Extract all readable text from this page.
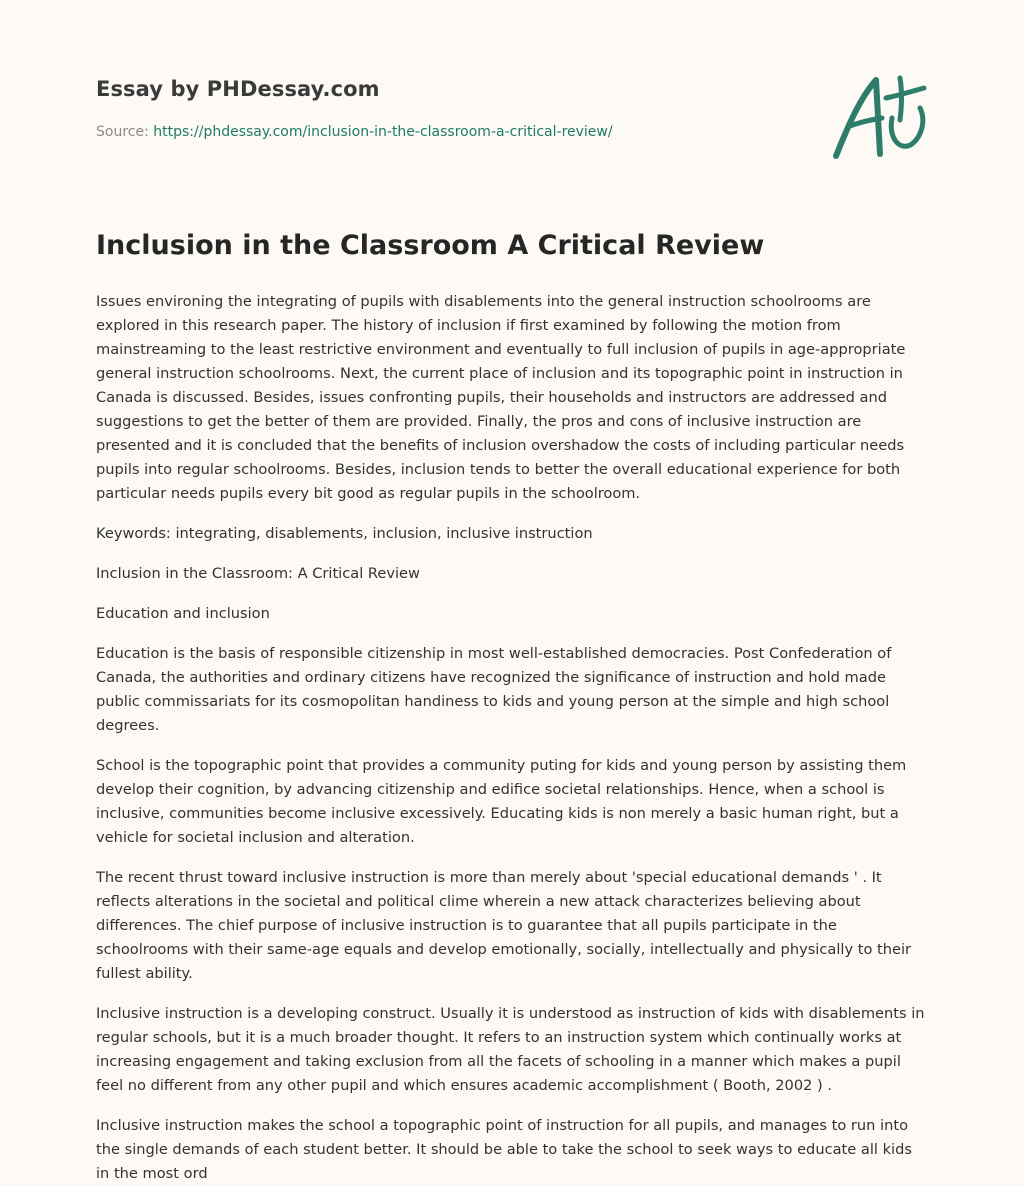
Essay by PHDessay.com
Source: https://phdessay.com/inclusion-in-the-classroom-a-critical-review/
Inclusion in the Classroom A Critical Review

Issues environing the integrating of pupils with disablements into the general instruction schoolrooms are explored in this research paper. The history of inclusion if first examined by following the motion from mainstreaming to the least restrictive environment and eventually to full inclusion of pupils in age-appropriate general instruction schoolrooms. Next, the current place of inclusion and its topographic point in instruction in Canada is discussed. Besides, issues confronting pupils, their households and instructors are addressed and suggestions to get the better of them are provided. Finally, the pros and cons of inclusive instruction are presented and it is concluded that the benefits of inclusion overshadow the costs of including particular needs pupils into regular schoolrooms. Besides, inclusion tends to better the overall educational experience for both particular needs pupils every bit good as regular pupils in the schoolroom.

Keywords: integrating, disablements, inclusion, inclusive instruction

Inclusion in the Classroom: A Critical Review

Education and inclusion

Education is the basis of responsible citizenship in most well-established democracies. Post Confederation of Canada, the authorities and ordinary citizens have recognized the significance of instruction and hold made public commissariats for its cosmopolitan handiness to kids and young person at the simple and high school degrees.

School is the topographic point that provides a community puting for kids and young person by assisting them develop their cognition, by advancing citizenship and edifice societal relationships. Hence, when a school is inclusive, communities become inclusive excessively. Educating kids is non merely a basic human right, but a vehicle for societal inclusion and alteration.

The recent thrust toward inclusive instruction is more than merely about 'special educational demands ' . It reflects alterations in the societal and political clime wherein a new attack characterizes believing about differences. The chief purpose of inclusive instruction is to guarantee that all pupils participate in the schoolrooms with their same-age equals and develop emotionally, socially, intellectually and physically to their fullest ability.

Inclusive instruction is a developing construct. Usually it is understood as instruction of kids with disablements in regular schools, but it is a much broader thought. It refers to an instruction system which continually works at increasing engagement and taking exclusion from all the facets of schooling in a manner which makes a pupil feel no different from any other pupil and which ensures academic accomplishment ( Booth, 2002 ) .

Inclusive instruction makes the school a topographic point of instruction for all pupils, and manages to run into the single demands of each student better. It should be able to take the school to seek ways to educate all kids in the most ord
